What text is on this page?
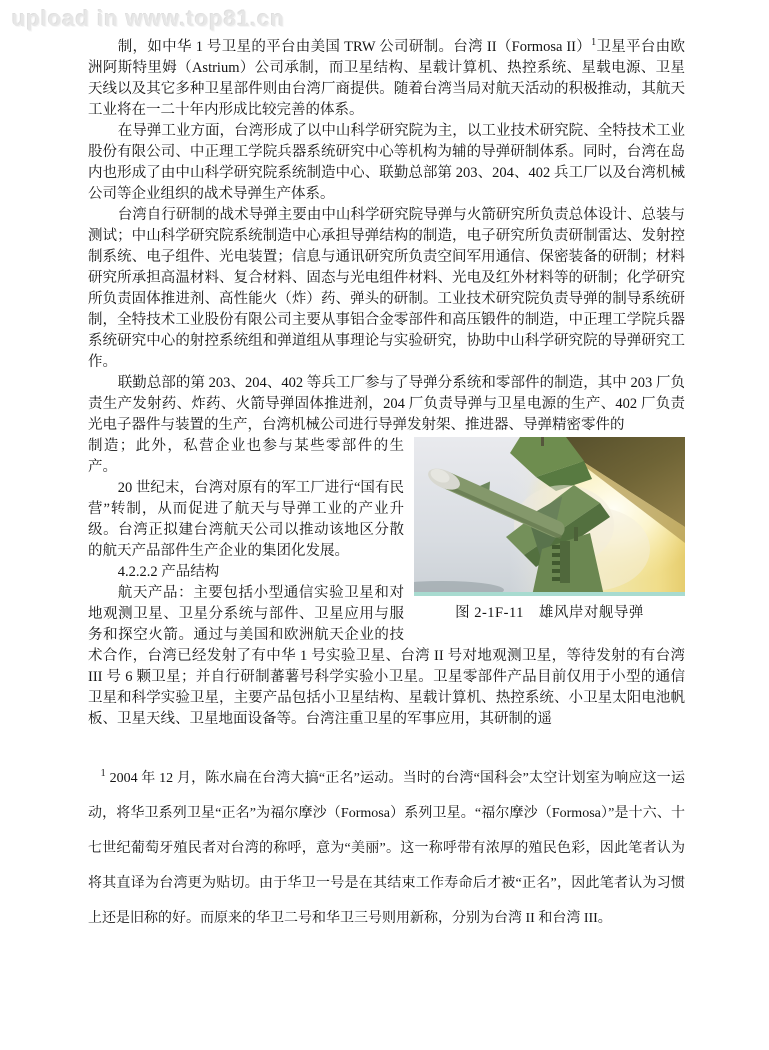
upload in www.top81.cn

制，如中华 1 号卫星的平台由美国 TRW 公司研制。台湾 II（Formosa II）$^1$卫星平台由欧洲阿斯特里姆（Astrium）公司承制，而卫星结构、星载计算机、热控系统、星载电源、卫星天线以及其它多种卫星部件则由台湾厂商提供。随着台湾当局对航天活动的积极推动，其航天工业将在一二十年内形成比较完善的体系。

在导弹工业方面，台湾形成了以中山科学研究院为主，以工业技术研究院、全特技术工业股份有限公司、中正理工学院兵器系统研究中心等机构为辅的导弹研制体系。同时，台湾在岛内也形成了由中山科学研究院系统制造中心、联勤总部第 203、204、402 兵工厂以及台湾机械公司等企业组织的战术导弹生产体系。

台湾自行研制的战术导弹主要由中山科学研究院导弹与火箭研究所负责总体设计、总装与测试；中山科学研究院系统制造中心承担导弹结构的制造，电子研究所负责研制雷达、发射控制系统、电子组件、光电装置；信息与通讯研究所负责空间军用通信、保密装备的研制；材料研究所承担高温材料、复合材料、固态与光电组件材料、光电及红外材料等的研制；化学研究所负责固体推进剂、高性能火（炸）药、弹头的研制。工业技术研究院负责导弹的制导系统研制，全特技术工业股份有限公司主要从事铝合金零部件和高压锻件的制造，中正理工学院兵器系统研究中心的射控系统组和弹道组从事理论与实验研究，协助中山科学研究院的导弹研究工作。

联勤总部的第 203、204、402 等兵工厂参与了导弹分系统和零部件的制造，其中 203 厂负责生产发射药、炸药、火箭导弹固体推进剂，204 厂负责导弹与卫星电源的生产、402 厂负责光电子器件与装置的生产，台湾机械公司进行导弹发射架、推进器、导弹精密零件的

图 2-1F-11　雄风岸对舰导弹

制造；此外，私营企业也参与某些零部件的生产。

20 世纪末，台湾对原有的军工厂进行“国有民营”转制，从而促进了航天与导弹工业的产业升级。台湾正拟建台湾航天公司以推动该地区分散的航天产品部件生产企业的集团化发展。

4.2.2.2 产品结构

航天产品：主要包括小型通信实验卫星和对地观测卫星、卫星分系统与部件、卫星应用与服务和探空火箭。通过与美国和欧洲航天企业的技术合作，台湾已经发射了有中华 1 号实验卫星、台湾 II 号对地观测卫星，等待发射的有台湾 III 号 6 颗卫星；并自行研制蕃薯号科学实验小卫星。卫星零部件产品目前仅用于小型的通信卫星和科学实验卫星，主要产品包括小卫星结构、星载计算机、热控系统、小卫星太阳电池帆板、卫星天线、卫星地面设备等。台湾注重卫星的军事应用，其研制的遥

$^1$ 2004 年 12 月，陈水扁在台湾大搞“正名”运动。当时的台湾“国科会”太空计划室为响应这一运动，将华卫系列卫星“正名”为福尔摩沙（Formosa）系列卫星。“福尔摩沙（Formosa）”是十六、十七世纪葡萄牙殖民者对台湾的称呼，意为“美丽”。这一称呼带有浓厚的殖民色彩，因此笔者认为将其直译为台湾更为贴切。由于华卫一号是在其结束工作寿命后才被“正名”，因此笔者认为习惯上还是旧称的好。而原来的华卫二号和华卫三号则用新称，分别为台湾 II 和台湾 III。
